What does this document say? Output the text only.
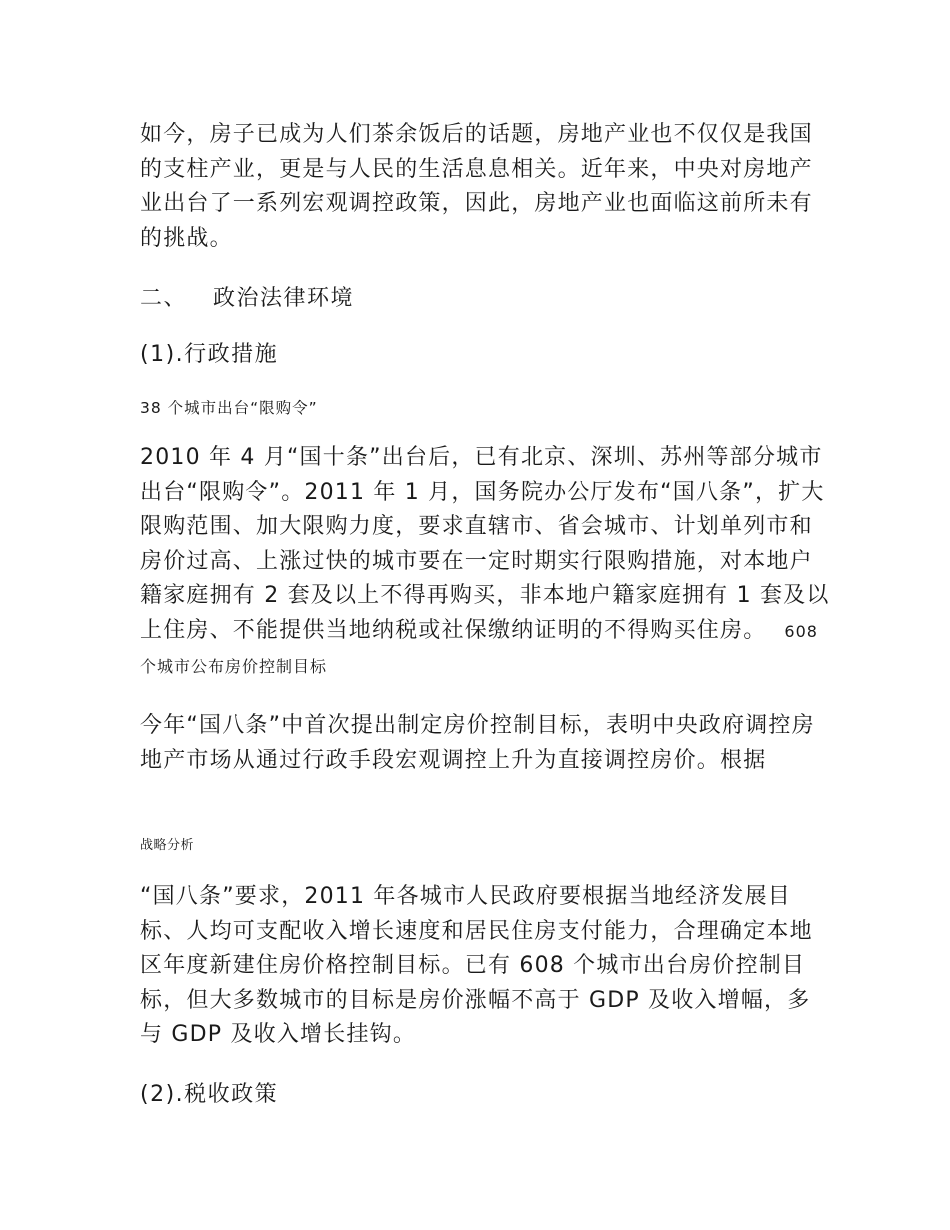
如今，房子已成为人们茶余饭后的话题，房地产业也不仅仅是我国的支柱产业，更是与人民的生活息息相关。近年来，中央对房地产业出台了一系列宏观调控政策，因此，房地产业也面临这前所未有的挑战。

二、 政治法律环境
(1).行政措施

38 个城市出台“限购令”

2010 年 4 月“国十条”出台后，已有北京、深圳、苏州等部分城市出台“限购令”。2011 年 1 月，国务院办公厅发布“国八条”，扩大限购范围、加大限购力度，要求直辖市、省会城市、计划单列市和房价过高、上涨过快的城市要在一定时期实行限购措施，对本地户籍家庭拥有 2 套及以上不得再购买，非本地户籍家庭拥有 1 套及以上住房、不能提供当地纳税或社保缴纳证明的不得购买住房。 608 个城市公布房价控制目标

今年“国八条”中首次提出制定房价控制目标，表明中央政府调控房地产市场从通过行政手段宏观调控上升为直接调控房价。根据

战略分析

“国八条”要求，2011 年各城市人民政府要根据当地经济发展目标、人均可支配收入增长速度和居民住房支付能力，合理确定本地区年度新建住房价格控制目标。已有 608 个城市出台房价控制目标，但大多数城市的目标是房价涨幅不高于 GDP 及收入增幅，多与 GDP 及收入增长挂钩。

(2).税收政策
